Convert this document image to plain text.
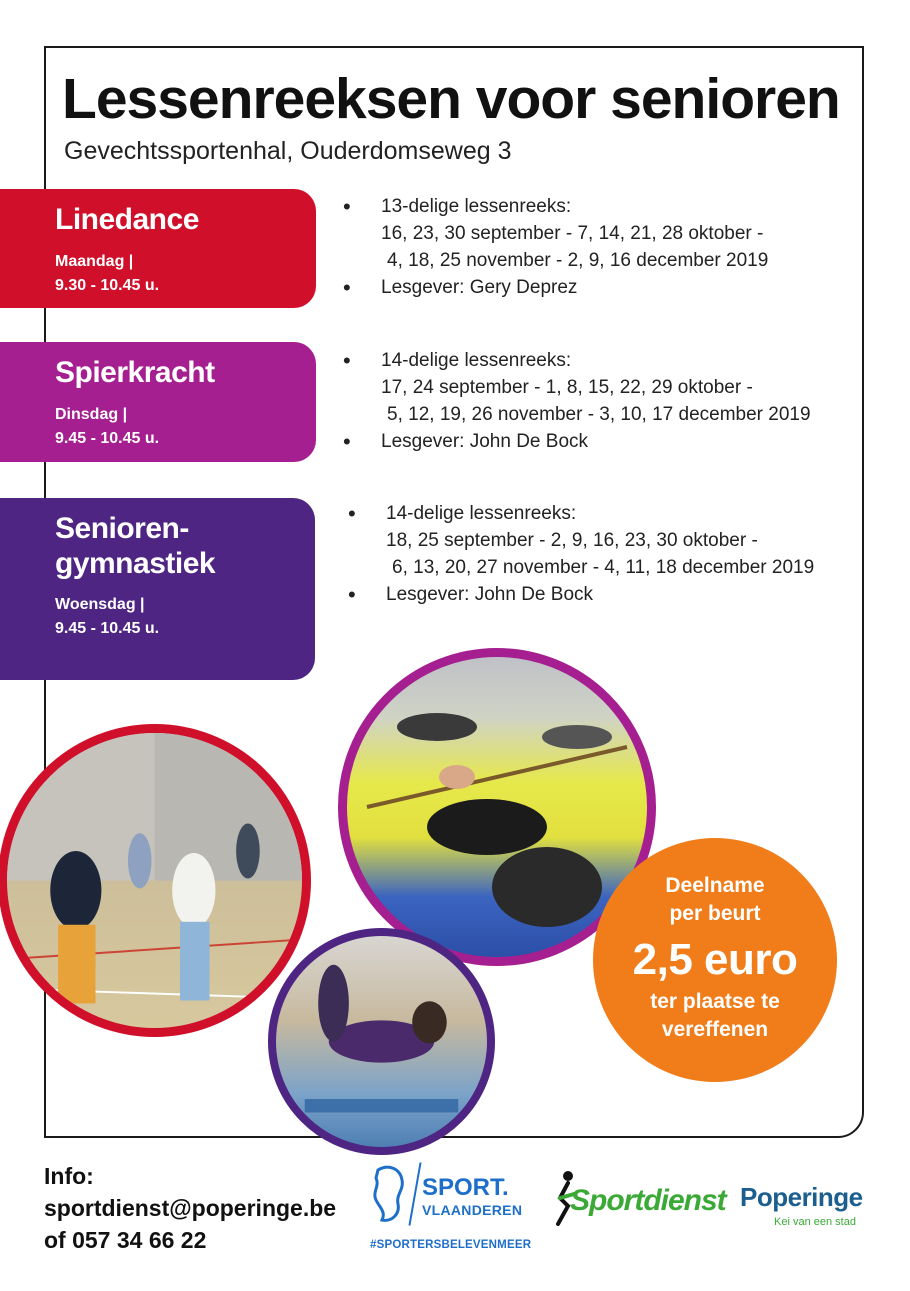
Lessenreeksen voor senioren
Gevechtssportenhal, Ouderdomseweg 3
Linedance
Maandag |
9.30 - 10.45 u.
• 13-delige lessenreeks:
16, 23, 30 september - 7, 14, 21, 28 oktober -
4, 18, 25 november - 2, 9, 16 december 2019
• Lesgever: Gery Deprez
Spierkracht
Dinsdag |
9.45 - 10.45 u.
• 14-delige lessenreeks:
17, 24 september - 1, 8, 15, 22, 29 oktober -
5, 12, 19, 26 november - 3, 10, 17 december 2019
• Lesgever: John De Bock
Senioren-
gymnastiek
Woensdag |
9.45 - 10.45 u.
• 14-delige lessenreeks:
18, 25 september - 2, 9, 16, 23, 30 oktober -
6, 13, 20, 27 november - 4, 11, 18 december 2019
• Lesgever: John De Bock
Deelname
per beurt
2,5 euro
ter plaatse te
vereffenen
Info:
sportdienst@poperinge.be
of 057 34 66 22
SPORT.
VLAANDEREN
#SPORTERSBELEVENMEER
Sportdienst Poperinge
Kei van een stad
